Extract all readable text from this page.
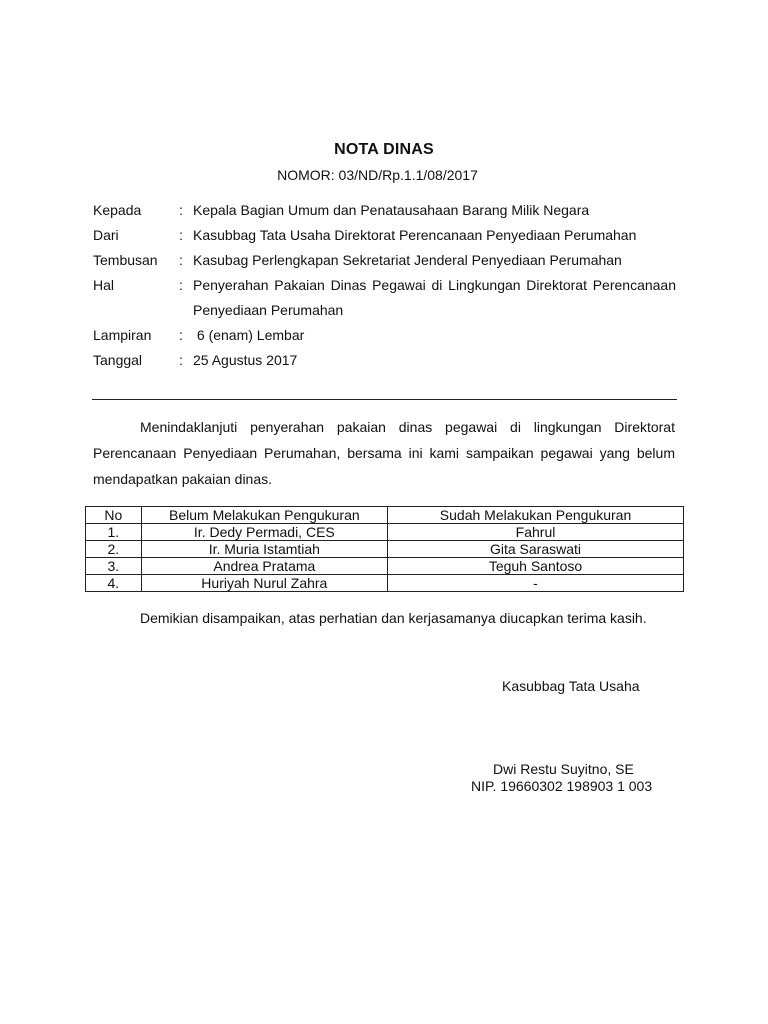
NOTA DINAS
NOMOR: 03/ND/Rp.1.1/08/2017
Kepada	: Kepala Bagian Umum dan Penatausahaan Barang Milik Negara
Dari	: Kasubbag Tata Usaha Direktorat Perencanaan Penyediaan Perumahan
Tembusan	: Kasubag Perlengkapan Sekretariat Jenderal Penyediaan Perumahan
Hal	: Penyerahan Pakaian Dinas Pegawai di Lingkungan Direktorat Perencanaan Penyediaan Perumahan
Lampiran	: 6 (enam) Lembar
Tanggal	: 25 Agustus 2017
Menindaklanjuti penyerahan pakaian dinas pegawai di lingkungan Direktorat Perencanaan Penyediaan Perumahan, bersama ini kami sampaikan pegawai yang belum mendapatkan pakaian dinas.
No	Belum Melakukan Pengukuran	Sudah Melakukan Pengukuran
1.	Ir. Dedy Permadi, CES	Fahrul
2.	Ir. Muria Istamtiah	Gita Saraswati
3.	Andrea Pratama	Teguh Santoso
4.	Huriyah Nurul Zahra	-
Demikian disampaikan, atas perhatian dan kerjasamanya diucapkan terima kasih.
Kasubbag Tata Usaha
Dwi Restu Suyitno, SE
NIP. 19660302 198903 1 003
